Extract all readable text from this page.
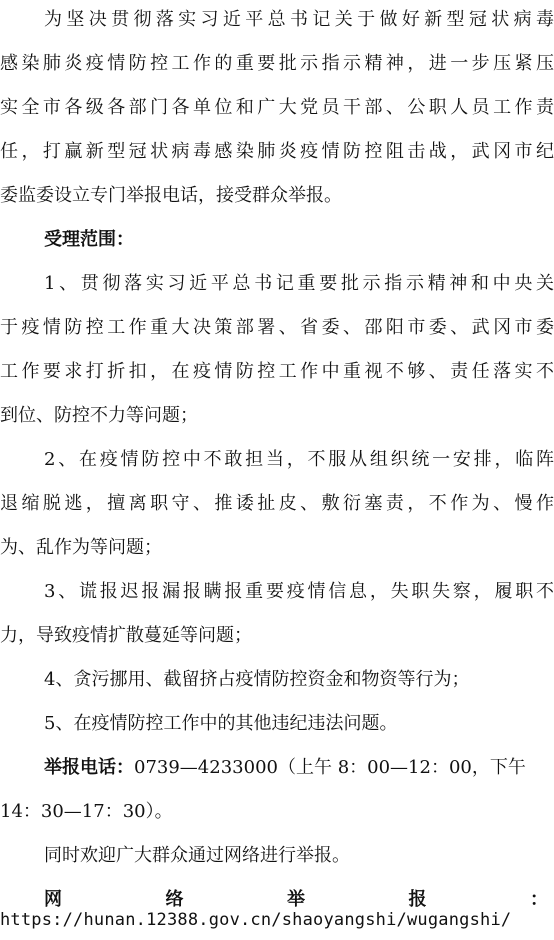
为坚决贯彻落实习近平总书记关于做好新型冠状病毒
感染肺炎疫情防控工作的重要批示指示精神，进一步压紧压
实全市各级各部门各单位和广大党员干部、公职人员工作责
任，打赢新型冠状病毒感染肺炎疫情防控阻击战，武冈市纪
委监委设立专门举报电话，接受群众举报。
受理范围：
1、贯彻落实习近平总书记重要批示指示精神和中央关
于疫情防控工作重大决策部署、省委、邵阳市委、武冈市委
工作要求打折扣，在疫情防控工作中重视不够、责任落实不
到位、防控不力等问题；
2、在疫情防控中不敢担当，不服从组织统一安排，临阵
退缩脱逃，擅离职守、推诿扯皮、敷衍塞责，不作为、慢作
为、乱作为等问题；
3、谎报迟报漏报瞒报重要疫情信息，失职失察，履职不
力，导致疫情扩散蔓延等问题；
4、贪污挪用、截留挤占疫情防控资金和物资等行为；
5、在疫情防控工作中的其他违纪违法问题。
举报电话：0739—4233000（上午 8：00—12：00，下午
14：30—17：30）。
同时欢迎广大群众通过网络进行举报。
网	络	举	报	：
https://hunan.12388.gov.cn/shaoyangshi/wugangshi/
